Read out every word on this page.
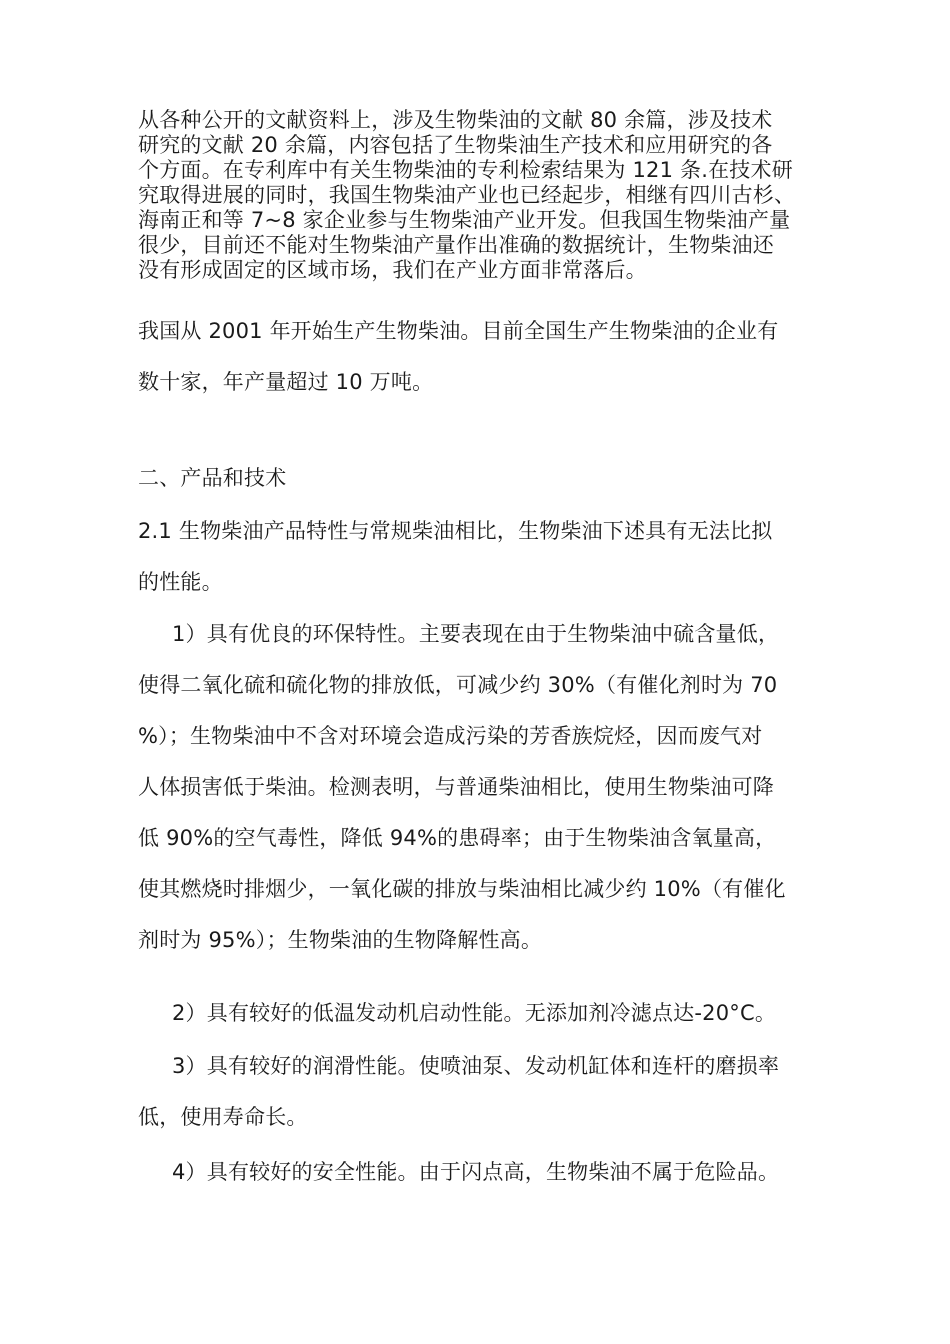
从各种公开的文献资料上，涉及生物柴油的文献 80 余篇，涉及技术
研究的文献 20 余篇，内容包括了生物柴油生产技术和应用研究的各
个方面。在专利库中有关生物柴油的专利检索结果为 121 条.在技术研
究取得进展的同时，我国生物柴油产业也已经起步，相继有四川古杉、
海南正和等 7~8 家企业参与生物柴油产业开发。但我国生物柴油产量
很少，目前还不能对生物柴油产量作出准确的数据统计，生物柴油还
没有形成固定的区域市场，我们在产业方面非常落后。

我国从 2001 年开始生产生物柴油。目前全国生产生物柴油的企业有
数十家，年产量超过 10 万吨。

二、产品和技术

2.1 生物柴油产品特性与常规柴油相比，生物柴油下述具有无法比拟
的性能。

1）具有优良的环保特性。主要表现在由于生物柴油中硫含量低，
使得二氧化硫和硫化物的排放低，可减少约 30%（有催化剂时为 70
%）；生物柴油中不含对环境会造成污染的芳香族烷烃，因而废气对
人体损害低于柴油。检测表明，与普通柴油相比，使用生物柴油可降
低 90%的空气毒性，降低 94%的患碍率；由于生物柴油含氧量高，
使其燃烧时排烟少，一氧化碳的排放与柴油相比减少约 10%（有催化
剂时为 95%）；生物柴油的生物降解性高。

2）具有较好的低温发动机启动性能。无添加剂冷滤点达-20°C。

3）具有较好的润滑性能。使喷油泵、发动机缸体和连杆的磨损率
低，使用寿命长。

4）具有较好的安全性能。由于闪点高，生物柴油不属于危险品。
